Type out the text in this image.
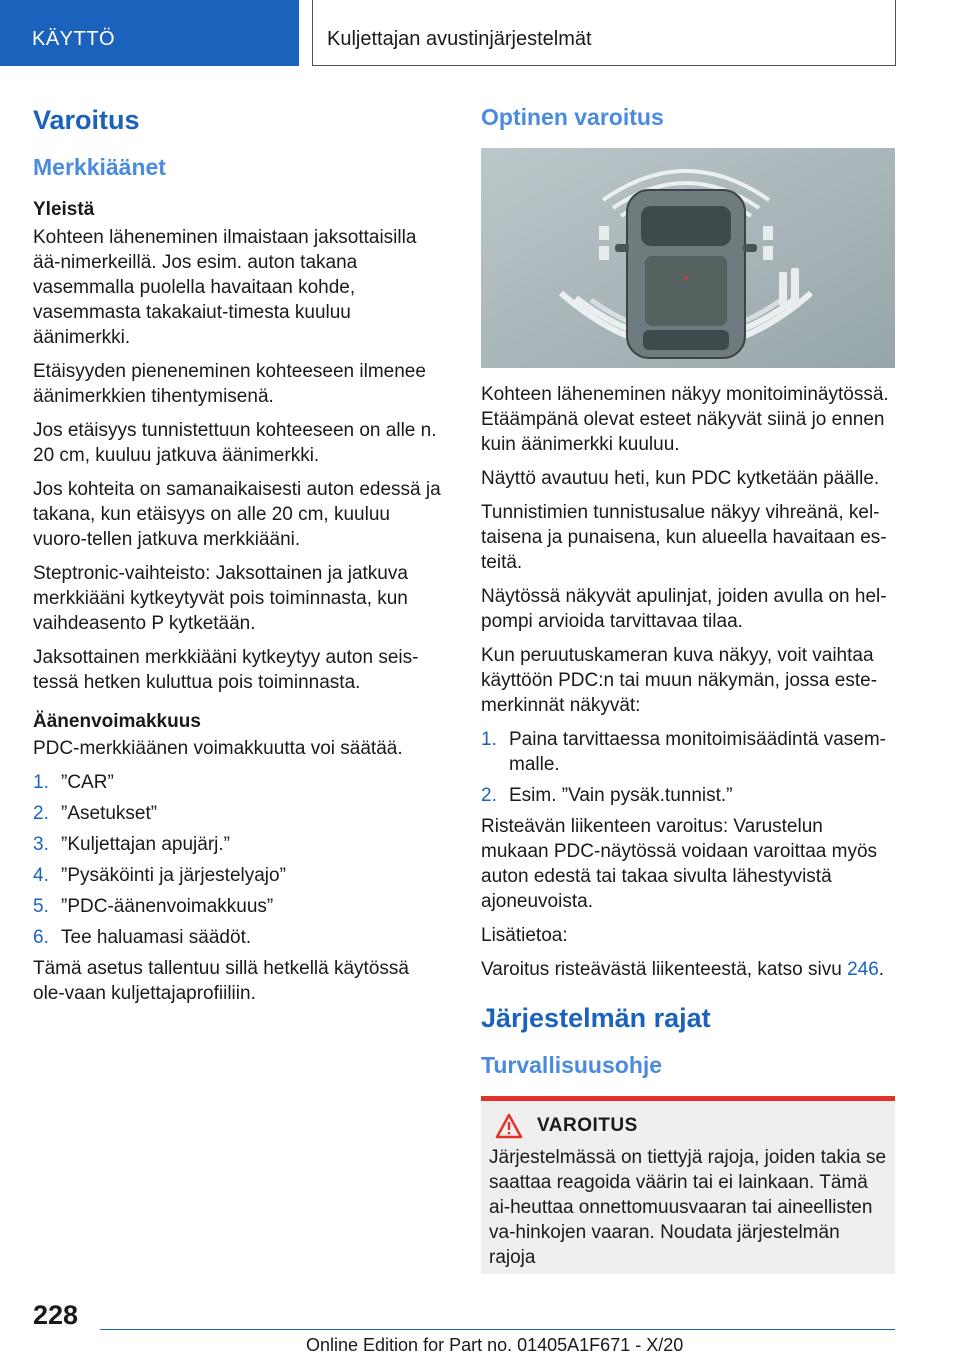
KÄYTTÖ	Kuljettajan avustinjärjestelmät
Varoitus
Merkkiäänet
Yleistä

Kohteen läheneminen ilmaistaan jaksottaisilla ää-nimerkeillä. Jos esim. auton takana vasemmalla puolella havaitaan kohde, vasemmasta takakaiut-timesta kuuluu äänimerkki.

Etäisyyden pieneneminen kohteeseen ilmenee äänimerkkien tihentymisenä.

Jos etäisyys tunnistettuun kohteeseen on alle n. 20 cm, kuuluu jatkuva äänimerkki.

Jos kohteita on samanaikaisesti auton edessä ja takana, kun etäisyys on alle 20 cm, kuuluu vuoro-tellen jatkuva merkkiääni.

Steptronic-vaihteisto: Jaksottainen ja jatkuva merkkiääni kytkeytyvät pois toiminnasta, kun vaihdeasento P kytketään.

Jaksottainen merkkiääni kytkeytyy auton seis-tessä hetken kuluttua pois toiminnasta.

Äänenvoimakkuus

PDC-merkkiäänen voimakkuutta voi säätää.

1. ”CAR”
2. ”Asetukset”
3. ”Kuljettajan apujärj.”
4. ”Pysäköinti ja järjestelyajo”
5. ”PDC-äänenvoimakkuus”
6. Tee haluamasi säädöt.

Tämä asetus tallentuu sillä hetkellä käytössä ole-vaan kuljettajaprofiiliin.

Optinen varoitus

Kohteen läheneminen näkyy monitoiminäytössä. Etäämpänä olevat esteet näkyvät siinä jo ennen kuin äänimerkki kuuluu.

Näyttö avautuu heti, kun PDC kytketään päälle.

Tunnistimien tunnistusalue näkyy vihreänä, kel-taisena ja punaisena, kun alueella havaitaan es-teitä.

Näytössä näkyvät apulinjat, joiden avulla on hel-pompi arvioida tarvittavaa tilaa.

Kun peruutuskameran kuva näkyy, voit vaihtaa käyttöön PDC:n tai muun näkymän, jossa este-merkinnät näkyvät:

1. Paina tarvittaessa monitoimisäädintä vasem-malle.
2. Esim. ”Vain pysäk.tunnist.”

Risteävän liikenteen varoitus: Varustelun mukaan PDC-näytössä voidaan varoittaa myös auton edestä tai takaa sivulta lähestyvistä ajoneuvoista.

Lisätietoa:

Varoitus risteävästä liikenteestä, katso sivu 246.

Järjestelmän rajat
Turvallisuusohje
VAROITUS

Järjestelmässä on tiettyjä rajoja, joiden takia se saattaa reagoida väärin tai ei lainkaan. Tämä ai-heuttaa onnettomuusvaaran tai aineellisten va-hinkojen vaaran. Noudata järjestelmän rajoja

228
Online Edition for Part no. 01405A1F671 - X/20
